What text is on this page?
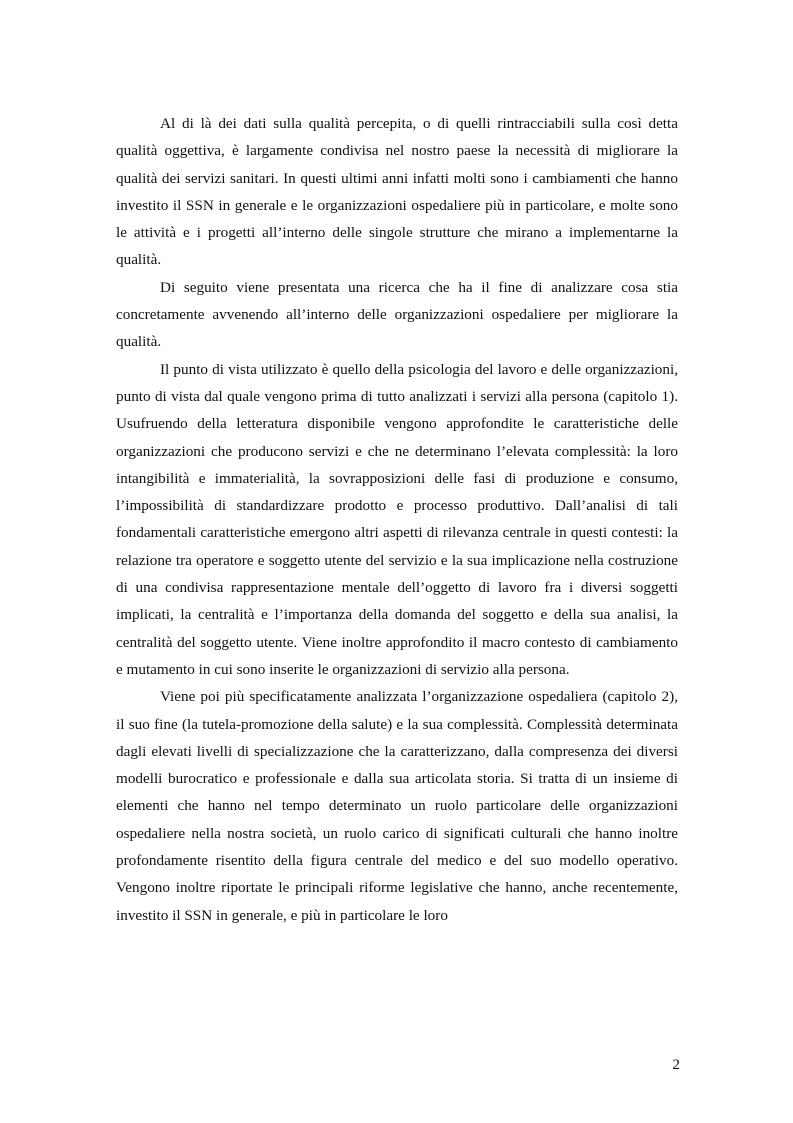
Al di là dei dati sulla qualità percepita, o di quelli rintracciabili sulla così detta qualità oggettiva, è largamente condivisa nel nostro paese la necessità di migliorare la qualità dei servizi sanitari. In questi ultimi anni infatti molti sono i cambiamenti che hanno investito il SSN in generale e le organizzazioni ospedaliere più in particolare, e molte sono le attività e i progetti all’interno delle singole strutture che mirano a implementarne la qualità.

Di seguito viene presentata una ricerca che ha il fine di analizzare cosa stia concretamente avvenendo all’interno delle organizzazioni ospedaliere per migliorare la qualità.

Il punto di vista utilizzato è quello della psicologia del lavoro e delle organizzazioni, punto di vista dal quale vengono prima di tutto analizzati i servizi alla persona (capitolo 1). Usufruendo della letteratura disponibile vengono approfondite le caratteristiche delle organizzazioni che producono servizi e che ne determinano l’elevata complessità: la loro intangibilità e immaterialità, la sovrapposizioni delle fasi di produzione e consumo, l’impossibilità di standardizzare prodotto e processo produttivo. Dall’analisi di tali fondamentali caratteristiche emergono altri aspetti di rilevanza centrale in questi contesti: la relazione tra operatore e soggetto utente del servizio e la sua implicazione nella costruzione di una condivisa rappresentazione mentale dell’oggetto di lavoro fra i diversi soggetti implicati, la centralità e l’importanza della domanda del soggetto e della sua analisi, la centralità del soggetto utente. Viene inoltre approfondito il macro contesto di cambiamento e mutamento in cui sono inserite le organizzazioni di servizio alla persona.

Viene poi più specificatamente analizzata l’organizzazione ospedaliera (capitolo 2), il suo fine (la tutela-promozione della salute) e la sua complessità. Complessità determinata dagli elevati livelli di specializzazione che la caratterizzano, dalla compresenza dei diversi modelli burocratico e professionale e dalla sua articolata storia. Si tratta di un insieme di elementi che hanno nel tempo determinato un ruolo particolare delle organizzazioni ospedaliere nella nostra società, un ruolo carico di significati culturali che hanno inoltre profondamente risentito della figura centrale del medico e del suo modello operativo. Vengono inoltre riportate le principali riforme legislative che hanno, anche recentemente, investito il SSN in generale, e più in particolare le loro

2
